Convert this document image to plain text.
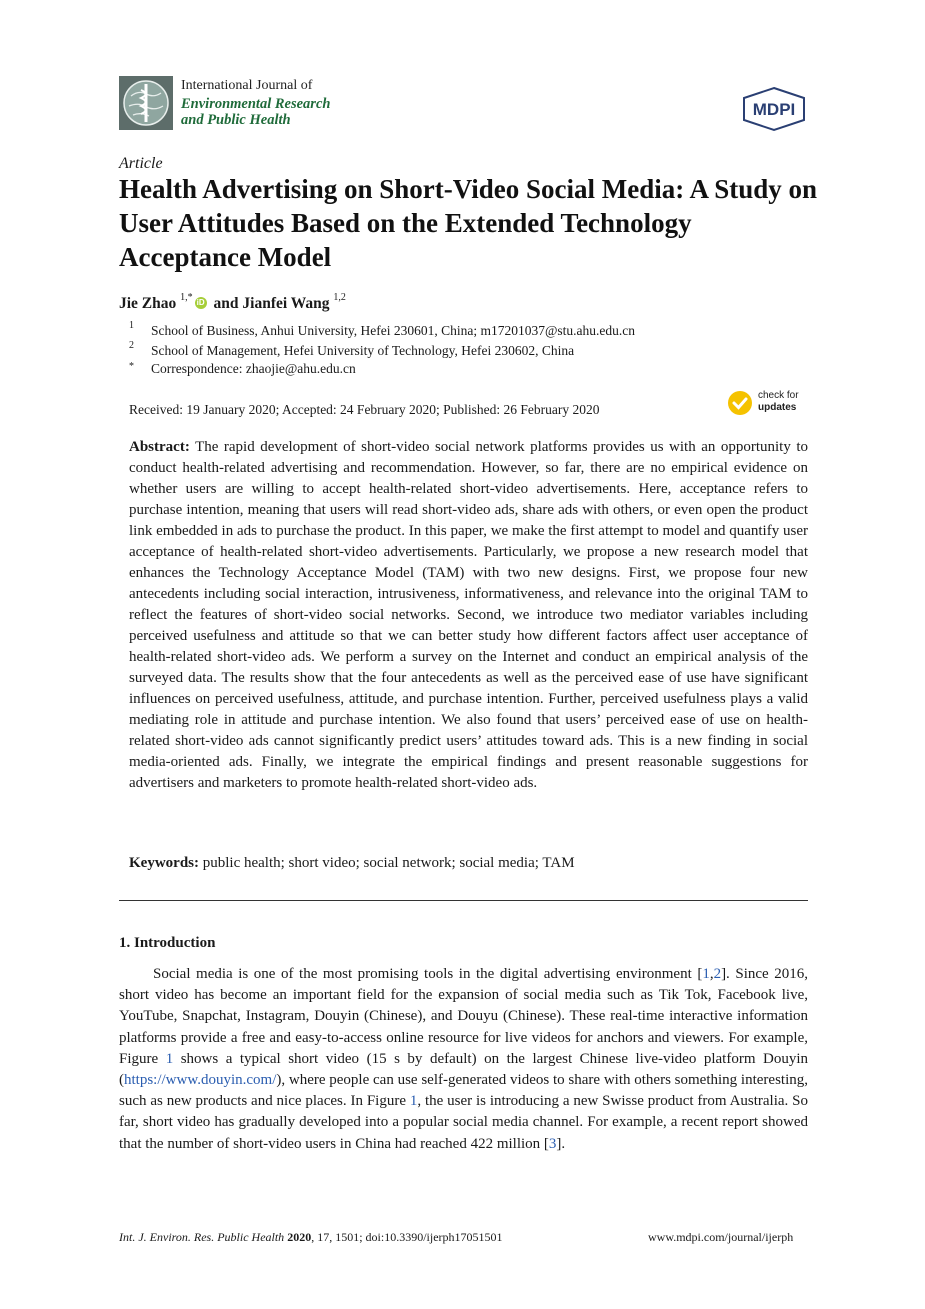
International Journal of
Environmental Research
and Public Health
MDPI
Article
Health Advertising on Short-Video Social Media: A Study on User Attitudes Based on the Extended Technology Acceptance Model
Jie Zhao $^{1,*}$ iD and Jianfei Wang $^{1,2}$
1 School of Business, Anhui University, Hefei 230601, China; m17201037@stu.ahu.edu.cn
2 School of Management, Hefei University of Technology, Hefei 230602, China
* Correspondence: zhaojie@ahu.edu.cn
Received: 19 January 2020; Accepted: 24 February 2020; Published: 26 February 2020
check for
updates
Abstract: The rapid development of short-video social network platforms provides us with an opportunity to conduct health-related advertising and recommendation. However, so far, there are no empirical evidence on whether users are willing to accept health-related short-video advertisements. Here, acceptance refers to purchase intention, meaning that users will read short-video ads, share ads with others, or even open the product link embedded in ads to purchase the product. In this paper, we make the first attempt to model and quantify user acceptance of health-related short-video advertisements. Particularly, we propose a new research model that enhances the Technology Acceptance Model (TAM) with two new designs. First, we propose four new antecedents including social interaction, intrusiveness, informativeness, and relevance into the original TAM to reflect the features of short-video social networks. Second, we introduce two mediator variables including perceived usefulness and attitude so that we can better study how different factors affect user acceptance of health-related short-video ads. We perform a survey on the Internet and conduct an empirical analysis of the surveyed data. The results show that the four antecedents as well as the perceived ease of use have significant influences on perceived usefulness, attitude, and purchase intention. Further, perceived usefulness plays a valid mediating role in attitude and purchase intention. We also found that users’ perceived ease of use on health-related short-video ads cannot significantly predict users’ attitudes toward ads. This is a new finding in social media-oriented ads. Finally, we integrate the empirical findings and present reasonable suggestions for advertisers and marketers to promote health-related short-video ads.
Keywords: public health; short video; social network; social media; TAM
1. Introduction
Social media is one of the most promising tools in the digital advertising environment [1,2]. Since 2016, short video has become an important field for the expansion of social media such as Tik Tok, Facebook live, YouTube, Snapchat, Instagram, Douyin (Chinese), and Douyu (Chinese). These real-time interactive information platforms provide a free and easy-to-access online resource for live videos for anchors and viewers. For example, Figure 1 shows a typical short video (15 s by default) on the largest Chinese live-video platform Douyin (https://www.douyin.com/), where people can use self-generated videos to share with others something interesting, such as new products and nice places. In Figure 1, the user is introducing a new Swisse product from Australia. So far, short video has gradually developed into a popular social media channel. For example, a recent report showed that the number of short-video users in China had reached 422 million [3].
Int. J. Environ. Res. Public Health 2020, 17, 1501; doi:10.3390/ijerph17051501	www.mdpi.com/journal/ijerph
